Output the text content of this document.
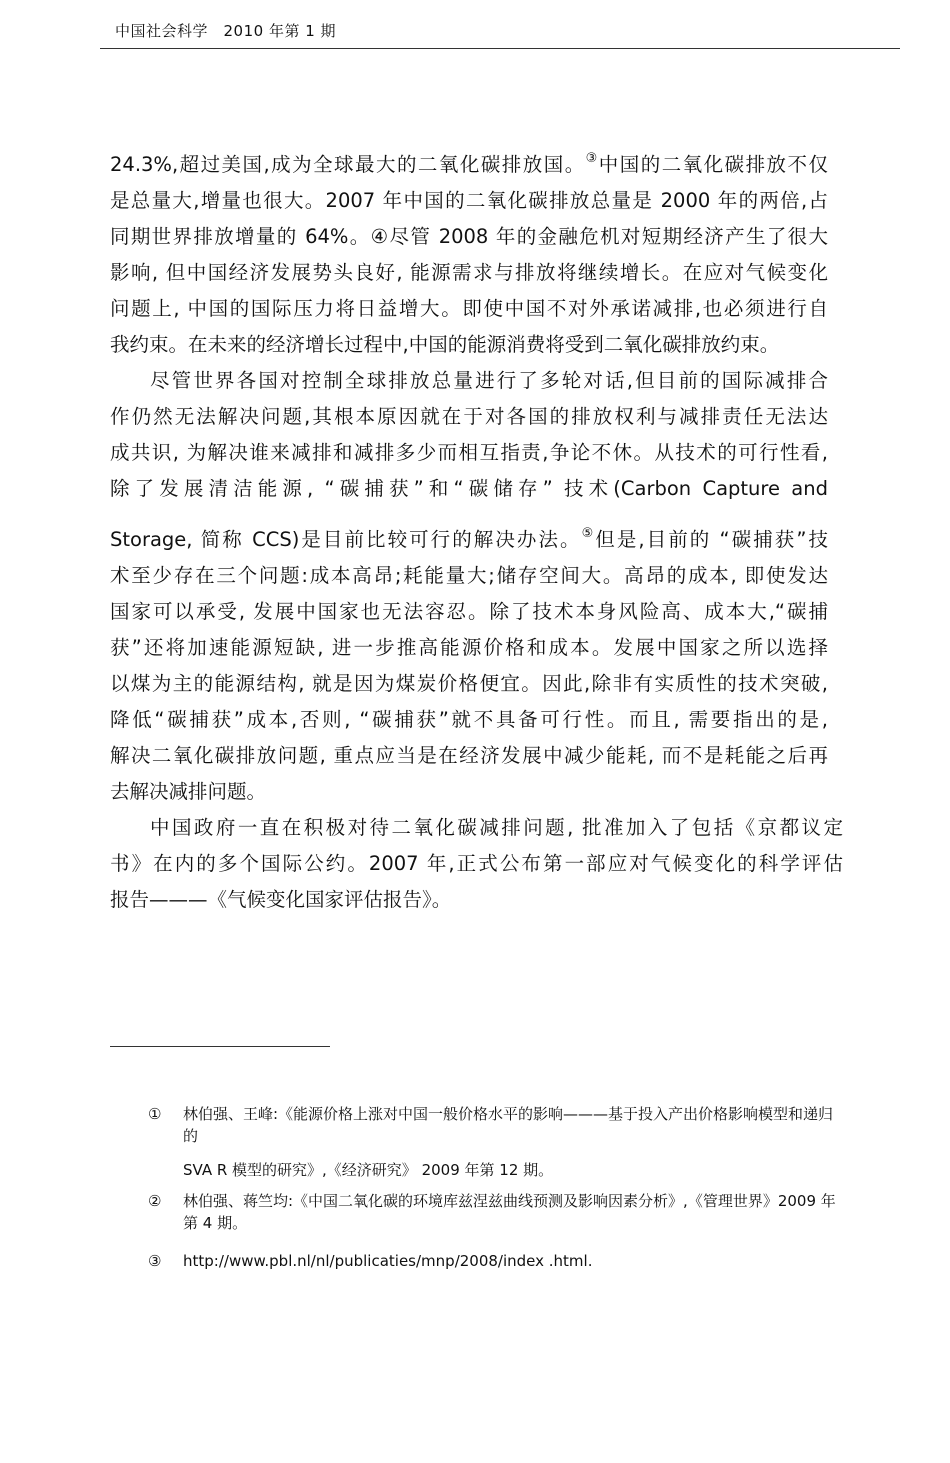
中国社会科学　2010 年第 1 期
24.3%,超过美国,成为全球最大的二氧化碳排放国。③中国的二氧化碳排放不仅
是总量大,增量也很大。2007 年中国的二氧化碳排放总量是 2000 年的两倍,占
同期世界排放增量的 64%。④尽管 2008 年的金融危机对短期经济产生了很大
影响, 但中国经济发展势头良好, 能源需求与排放将继续增长。在应对气候变化
问题上, 中国的国际压力将日益增大。即使中国不对外承诺减排,也必须进行自
我约束。在未来的经济增长过程中,中国的能源消费将受到二氧化碳排放约束。
尽管世界各国对控制全球排放总量进行了多轮对话,但目前的国际减排合
作仍然无法解决问题,其根本原因就在于对各国的排放权利与减排责任无法达
成共识, 为解决谁来减排和减排多少而相互指责,争论不休。从技术的可行性看,
除了发展清洁能源, “碳捕获”和“碳储存” 技术(Carbon Capture and
Storage, 简称 CCS)是目前比较可行的解决办法。⑤但是,目前的 “碳捕获”技
术至少存在三个问题:成本高昂;耗能量大;储存空间大。高昂的成本, 即使发达
国家可以承受, 发展中国家也无法容忍。除了技术本身风险高、成本大,“碳捕
获”还将加速能源短缺, 进一步推高能源价格和成本。发展中国家之所以选择
以煤为主的能源结构, 就是因为煤炭价格便宜。因此,除非有实质性的技术突破,
降低“碳捕获”成本,否则, “碳捕获”就不具备可行性。而且, 需要指出的是,
解决二氧化碳排放问题, 重点应当是在经济发展中减少能耗, 而不是耗能之后再
去解决减排问题。
中国政府一直在积极对待二氧化碳减排问题, 批准加入了包括《京都议定
书》在内的多个国际公约。2007 年,正式公布第一部应对气候变化的科学评估
报告———《气候变化国家评估报告》。
① 林伯强、王峰:《能源价格上涨对中国一般价格水平的影响———基于投入产出价格影响模型和递归的
SVA R 模型的研究》,《经济研究》 2009 年第 12 期。
② 林伯强、蒋竺均:《中国二氧化碳的环境库兹涅兹曲线预测及影响因素分析》,《管理世界》2009 年第 4 期。
③ http://www.pbl.nl/nl/publicaties/mnp/2008/index .html.
